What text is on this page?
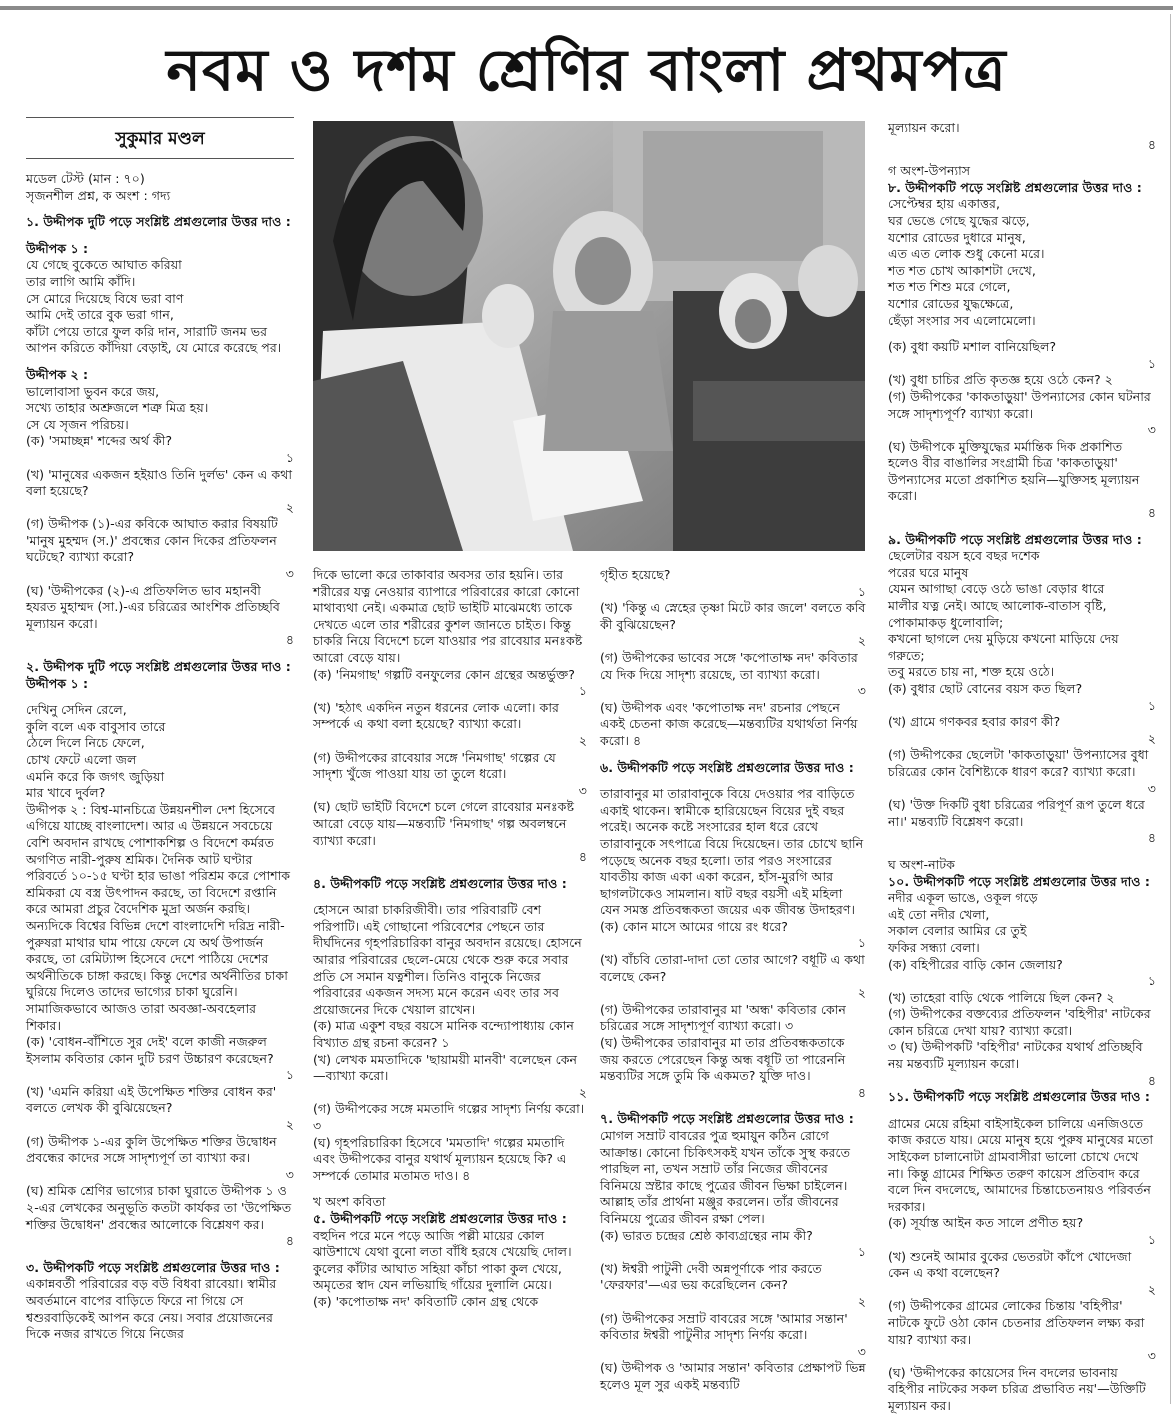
নবম ও দশম শ্রেণির বাংলা প্রথমপত্র
সুকুমার মণ্ডল

মডেল টেস্ট (মান : ৭০)

সৃজনশীল প্রশ্ন, ক অংশ : গদ্য

১. উদ্দীপক দুটি পড়ে সংশ্লিষ্ট প্রশ্নগুলোর উত্তর দাও :

উদ্দীপক ১ :

যে গেছে বুকেতে আঘাত করিয়া

তার লাগি আমি কাঁদি।

সে মোরে দিয়েছে বিষে ভরা বাণ

আমি দেই তারে বুক ভরা গান,

কাঁটা পেয়ে তারে ফুল করি দান, সারাটি জনম ভর

আপন করিতে কাঁদিয়া বেড়াই, যে মোরে করেছে পর।

উদ্দীপক ২ :

ভালোবাসা ভুবন করে জয়,

সখ্যে তাহার অশ্রুজলে শত্রু মিত্র হয়।

সে যে সৃজন পরিচয়।

(ক) 'সমাচ্ছন্ন' শব্দের অর্থ কী?
১

(খ) 'মানুষের একজন হইয়াও তিনি দুর্লভ' কেন এ কথা বলা হয়েছে?
২

(গ) উদ্দীপক (১)-এর কবিকে আঘাত করার বিষয়টি 'মানুষ মুহম্মদ (স.)' প্রবন্ধের কোন দিকের প্রতিফলন ঘটেছে? ব্যাখ্যা করো?
৩

(ঘ) 'উদ্দীপকের (২)-এ প্রতিফলিত ভাব মহানবী হযরত মুহাম্মদ (সা.)-এর চরিত্রের আংশিক প্রতিচ্ছবি মূল্যায়ন করো।
৪

২. উদ্দীপক দুটি পড়ে সংশ্লিষ্ট প্রশ্নগুলোর উত্তর দাও : উদ্দীপক ১ :

দেখিনু সেদিন রেলে,

কুলি বলে এক বাবুসাব তারে

ঠেলে দিলে নিচে ফেলে,

চোখ ফেটে এলো জল

এমনি করে কি জগৎ জুড়িয়া

মার খাবে দুর্বল?

উদ্দীপক ২ : বিশ্ব-মানচিত্রে উন্নয়নশীল দেশ হিসেবে এগিয়ে যাচ্ছে বাংলাদেশ। আর এ উন্নয়নে সবচেয়ে বেশি অবদান রাখছে পোশাকশিল্প ও বিদেশে কর্মরত অগণিত নারী-পুরুষ শ্রমিক। দৈনিক আট ঘণ্টার পরিবর্তে ১০-১৫ ঘণ্টা হার ভাঙা পরিশ্রম করে পোশাক শ্রমিকরা যে বস্ত্র উৎপাদন করছে, তা বিদেশে রপ্তানি করে আমরা প্রচুর বৈদেশিক মুদ্রা অর্জন করছি। অন্যদিকে বিশ্বের বিভিন্ন দেশে বাংলাদেশি দরিদ্র নারী-পুরুষরা মাথার ঘাম পায়ে ফেলে যে অর্থ উপার্জন করছে, তা রেমিট্যান্স হিসেবে দেশে পাঠিয়ে দেশের অর্থনীতিকে চাঙ্গা করছে। কিন্তু দেশের অর্থনীতির চাকা ঘুরিয়ে দিলেও তাদের ভাগ্যের চাকা ঘুরেনি। সামাজিকভাবে আজও তারা অবজ্ঞা-অবহেলার শিকার।

(ক) 'বোধন-বাঁশিতে সুর দেই' বলে কাজী নজরুল ইসলাম কবিতার কোন দুটি চরণ উচ্চারণ করেছেন?
১

(খ) 'এমনি করিয়া এই উপেক্ষিত শক্তির বোধন কর' বলতে লেখক কী বুঝিয়েছেন?
২

(গ) উদ্দীপক ১-এর কুলি উপেক্ষিত শক্তির উদ্বোধন প্রবন্ধের কাদের সঙ্গে সাদৃশ্যপূর্ণ তা ব্যাখ্যা কর।
৩

(ঘ) শ্রমিক শ্রেণির ভাগ্যের চাকা ঘুরাতে উদ্দীপক ১ ও ২-এর লেখকের অনুভূতি কতটা কার্যকর তা 'উপেক্ষিত শক্তির উদ্বোধন' প্রবন্ধের আলোকে বিশ্লেষণ কর।
৪

৩. উদ্দীপকটি পড়ে সংশ্লিষ্ট প্রশ্নগুলোর উত্তর দাও :

একান্নবর্তী পরিবারের বড় বউ বিধবা রাবেয়া। স্বামীর অবর্তমানে বাপের বাড়িতে ফিরে না গিয়ে সে শ্বশুরবাড়িকেই আপন করে নেয়। সবার প্রয়োজনের দিকে নজর রাখতে গিয়ে নিজের

দিকে ভালো করে তাকাবার অবসর তার হয়নি। তার শরীরের যত্ন নেওয়ার ব্যাপারে পরিবারের কারো কোনো মাথাব্যথা নেই। একমাত্র ছোট ভাইটি মাঝেমধ্যে তাকে দেখতে এলে তার শরীরের কুশল জানতে চাইত। কিন্তু চাকরি নিয়ে বিদেশে চলে যাওয়ার পর রাবেয়ার মনঃকষ্ট আরো বেড়ে যায়।

(ক) 'নিমগাছ' গল্পটি বনফুলের কোন গ্রন্থের অন্তর্ভুক্ত?
১

(খ) 'হঠাৎ একদিন নতুন ধরনের লোক এলো। কার সম্পর্কে এ কথা বলা হয়েছে? ব্যাখ্যা করো।
২

(গ) উদ্দীপকের রাবেয়ার সঙ্গে 'নিমগাছ' গল্পের যে সাদৃশ্য খুঁজে পাওয়া যায় তা তুলে ধরো।
৩

(ঘ) ছোট ভাইটি বিদেশে চলে গেলে রাবেয়ার মনঃকষ্ট আরো বেড়ে যায়—মন্তব্যটি 'নিমগাছ' গল্প অবলম্বনে ব্যাখ্যা করো।
৪

৪. উদ্দীপকটি পড়ে সংশ্লিষ্ট প্রশ্নগুলোর উত্তর দাও :

হোসনে আরা চাকরিজীবী। তার পরিবারটি বেশ পরিপাটি। এই গোছানো পরিবেশের পেছনে তার দীর্ঘদিনের গৃহপরিচারিকা বানুর অবদান রয়েছে। হোসনে আরার পরিবারের ছেলে-মেয়ে থেকে শুরু করে সবার প্রতি সে সমান যত্নশীল। তিনিও বানুকে নিজের পরিবারের একজন সদস্য মনে করেন এবং তার সব প্রয়োজনের দিকে খেয়াল রাখেন।

(ক) মাত্র একুশ বছর বয়সে মানিক বন্দ্যোপাধ্যায় কোন বিখ্যাত গ্রন্থ রচনা করেন? ১

(খ) লেখক মমতাদিকে 'ছায়াময়ী মানবী' বলেছেন কেন—ব্যাখ্যা করো।
২

(গ) উদ্দীপকের সঙ্গে মমতাদি গল্পের সাদৃশ্য নির্ণয় করো। ৩

(ঘ) গৃহপরিচারিকা হিসেবে 'মমতাদি' গল্পের মমতাদি এবং উদ্দীপকের বানুর যথার্থ মূল্যায়ন হয়েছে কি? এ সম্পর্কে তোমার মতামত দাও। ৪

খ অংশ কবিতা

৫. উদ্দীপকটি পড়ে সংশ্লিষ্ট প্রশ্নগুলোর উত্তর দাও :

বহুদিন পরে মনে পড়ে আজি পল্লী মায়ের কোল

ঝাউশাখে যেথা বুনো লতা বাঁধি হরষে খেয়েছি দোল।

কুলের কাঁটার আঘাত সহিয়া কাঁচা পাকা কুল খেয়ে, অমৃতের স্বাদ যেন লভিয়াছি গাঁয়ের দুলালি মেয়ে।

(ক) 'কপোতাক্ষ নদ' কবিতাটি কোন গ্রন্থ থেকে

গৃহীত হয়েছে?
১

(খ) 'কিন্তু এ স্নেহের তৃষ্ণা মিটে কার জলে' বলতে কবি কী বুঝিয়েছেন?
২

(গ) উদ্দীপকের ভাবের সঙ্গে 'কপোতাক্ষ নদ' কবিতার যে দিক দিয়ে সাদৃশ্য রয়েছে, তা ব্যাখ্যা করো।
৩

(ঘ) উদ্দীপক এবং 'কপোতাক্ষ নদ' রচনার পেছনে একই চেতনা কাজ করেছে—মন্তব্যটির যথার্থতা নির্ণয় করো। ৪

৬. উদ্দীপকটি পড়ে সংশ্লিষ্ট প্রশ্নগুলোর উত্তর দাও :

তারাবানুর মা তারাবানুকে বিয়ে দেওয়ার পর বাড়িতে একাই থাকেন। স্বামীকে হারিয়েছেন বিয়ের দুই বছর পরেই। অনেক কষ্টে সংসারের হাল ধরে রেখে তারাবানুকে সৎপাত্রে বিয়ে দিয়েছেন। তার চোখে ছানি পড়েছে অনেক বছর হলো। তার পরও সংসারের যাবতীয় কাজ একা একা করেন, হাঁস-মুরগি আর ছাগলটাকেও সামলান। ষাট বছর বয়সী এই মহিলা যেন সমস্ত প্রতিবন্ধকতা জয়ের এক জীবন্ত উদাহরণ।

(ক) কোন মাসে আমের গায়ে রং ধরে?
১

(খ) বাঁচবি তোরা-দাদা তো তোর আগে? বধূটি এ কথা বলেছে কেন?
২

(গ) উদ্দীপকের তারাবানুর মা 'অন্ধ' কবিতার কোন চরিত্রের সঙ্গে সাদৃশ্যপূর্ণ ব্যাখ্যা করো। ৩

(ঘ) উদ্দীপকের তারাবানুর মা তার প্রতিবন্ধকতাকে জয় করতে পেরেছেন কিন্তু অন্ধ বধূটি তা পারেননি মন্তব্যটির সঙ্গে তুমি কি একমত? যুক্তি দাও।
৪

৭. উদ্দীপকটি পড়ে সংশ্লিষ্ট প্রশ্নগুলোর উত্তর দাও :

মোগল সম্রাট বাবরের পুত্র হুমায়ুন কঠিন রোগে আক্রান্ত। কোনো চিকিৎসকই যখন তাঁকে সুস্থ করতে পারছিল না, তখন সম্রাট তাঁর নিজের জীবনের বিনিময়ে স্রষ্টার কাছে পুত্রের জীবন ভিক্ষা চাইলেন। আল্লাহ তাঁর প্রার্থনা মঞ্জুর করলেন। তাঁর জীবনের বিনিময়ে পুত্রের জীবন রক্ষা পেল।

(ক) ভারত চন্দ্রের শ্রেষ্ঠ কাব্যগ্রন্থের নাম কী?
১

(খ) ঈশ্বরী পাটুনী দেবী অন্নপূর্ণাকে পার করতে 'ফেরফার'—এর ভয় করেছিলেন কেন?
২

(গ) উদ্দীপকের সম্রাট বাবরের সঙ্গে 'আমার সন্তান' কবিতার ঈশ্বরী পাটুনীর সাদৃশ্য নির্ণয় করো।
৩

(ঘ) উদ্দীপক ও 'আমার সন্তান' কবিতার প্রেক্ষাপট ভিন্ন হলেও মূল সুর একই মন্তব্যটি

মূল্যায়ন করো।
৪

গ অংশ-উপন্যাস

৮. উদ্দীপকটি পড়ে সংশ্লিষ্ট প্রশ্নগুলোর উত্তর দাও :

সেপ্টেম্বর হায় একাত্তর,

ঘর ভেঙে গেছে যুদ্ধের ঝড়ে,

যশোর রোডের দুধারে মানুষ,

এত এত লোক শুধু কেনো মরে।

শত শত চোখ আকাশটা দেখে,

শত শত শিশু মরে গেলে,

যশোর রোডের যুদ্ধক্ষেত্রে,

ছেঁড়া সংসার সব এলোমেলো।

(ক) বুধা কয়টি মশাল বানিয়েছিল?
১

(খ) বুধা চাচির প্রতি কৃতজ্ঞ হয়ে ওঠে কেন? ২

(গ) উদ্দীপকের 'কাকতাড়ুয়া' উপন্যাসের কোন ঘটনার সঙ্গে সাদৃশ্যপূর্ণ? ব্যাখ্যা করো।
৩

(ঘ) উদ্দীপকে মুক্তিযুদ্ধের মর্মান্তিক দিক প্রকাশিত হলেও বীর বাঙালির সংগ্রামী চিত্র 'কাকতাড়ুয়া' উপন্যাসের মতো প্রকাশিত হয়নি—যুক্তিসহ মূল্যায়ন করো।
৪

৯. উদ্দীপকটি পড়ে সংশ্লিষ্ট প্রশ্নগুলোর উত্তর দাও :

ছেলেটার বয়স হবে বছর দশেক

পরের ঘরে মানুষ

যেমন আগাছা বেড়ে ওঠে ভাঙা বেড়ার ধারে

মালীর যত্ন নেই। আছে আলোক-বাতাস বৃষ্টি, পোকামাকড় ধুলোবালি;

কখনো ছাগলে দেয় মুড়িয়ে কখনো মাড়িয়ে দেয় গরুতে;

তবু মরতে চায় না, শক্ত হয়ে ওঠে।

(ক) বুধার ছোট বোনের বয়স কত ছিল?
১

(খ) গ্রামে গণকবর হবার কারণ কী?
২

(গ) উদ্দীপকের ছেলেটা 'কাকতাড়ুয়া' উপন্যাসের বুধা চরিত্রের কোন বৈশিষ্ট্যকে ধারণ করে? ব্যাখ্যা করো।
৩

(ঘ) 'উক্ত দিকটি বুধা চরিত্রের পরিপূর্ণ রূপ তুলে ধরে না।' মন্তব্যটি বিশ্লেষণ করো।
৪

ঘ অংশ-নাটক

১০. উদ্দীপকটি পড়ে সংশ্লিষ্ট প্রশ্নগুলোর উত্তর দাও :

নদীর একূল ভাঙে, ওকূল গড়ে

এই তো নদীর খেলা,

সকাল বেলার আমির রে তুই

ফকির সন্ধ্যা বেলা।

(ক) বহিপীরের বাড়ি কোন জেলায়?
১

(খ) তাহেরা বাড়ি থেকে পালিয়ে ছিল কেন? ২

(গ) উদ্দীপকের বক্তব্যের প্রতিফলন 'বহিপীর' নাটকের কোন চরিত্রে দেখা যায়? ব্যাখ্যা করো।

৩ (ঘ) উদ্দীপকটি 'বহিপীর' নাটকের যথার্থ প্রতিচ্ছবি নয় মন্তব্যটি মূল্যায়ন করো।
৪

১১. উদ্দীপকটি পড়ে সংশ্লিষ্ট প্রশ্নগুলোর উত্তর দাও :

গ্রামের মেয়ে রহিমা বাইসাইকেল চালিয়ে এনজিওতে কাজ করতে যায়। মেয়ে মানুষ হয়ে পুরুষ মানুষের মতো সাইকেল চালানোটা গ্রামবাসীরা ভালো চোখে দেখে না। কিন্তু গ্রামের শিক্ষিত তরুণ কায়েস প্রতিবাদ করে বলে দিন বদলেছে, আমাদের চিন্তাচেতনায়ও পরিবর্তন দরকার।

(ক) সূর্যাস্ত আইন কত সালে প্রণীত হয়?
১

(খ) শুনেই আমার বুকের ভেতরটা কাঁপে খোদেজা কেন এ কথা বলেছেন?
২

(গ) উদ্দীপকের গ্রামের লোকের চিন্তায় 'বহিপীর' নাটকে ফুটে ওঠা কোন চেতনার প্রতিফলন লক্ষ্য করা যায়? ব্যাখ্যা কর।
৩

(ঘ) 'উদ্দীপকের কায়েসের দিন বদলের ভাবনায় বহিপীর নাটকের সকল চরিত্র প্রভাবিত নয়'—উক্তিটি মূল্যায়ন কর।
